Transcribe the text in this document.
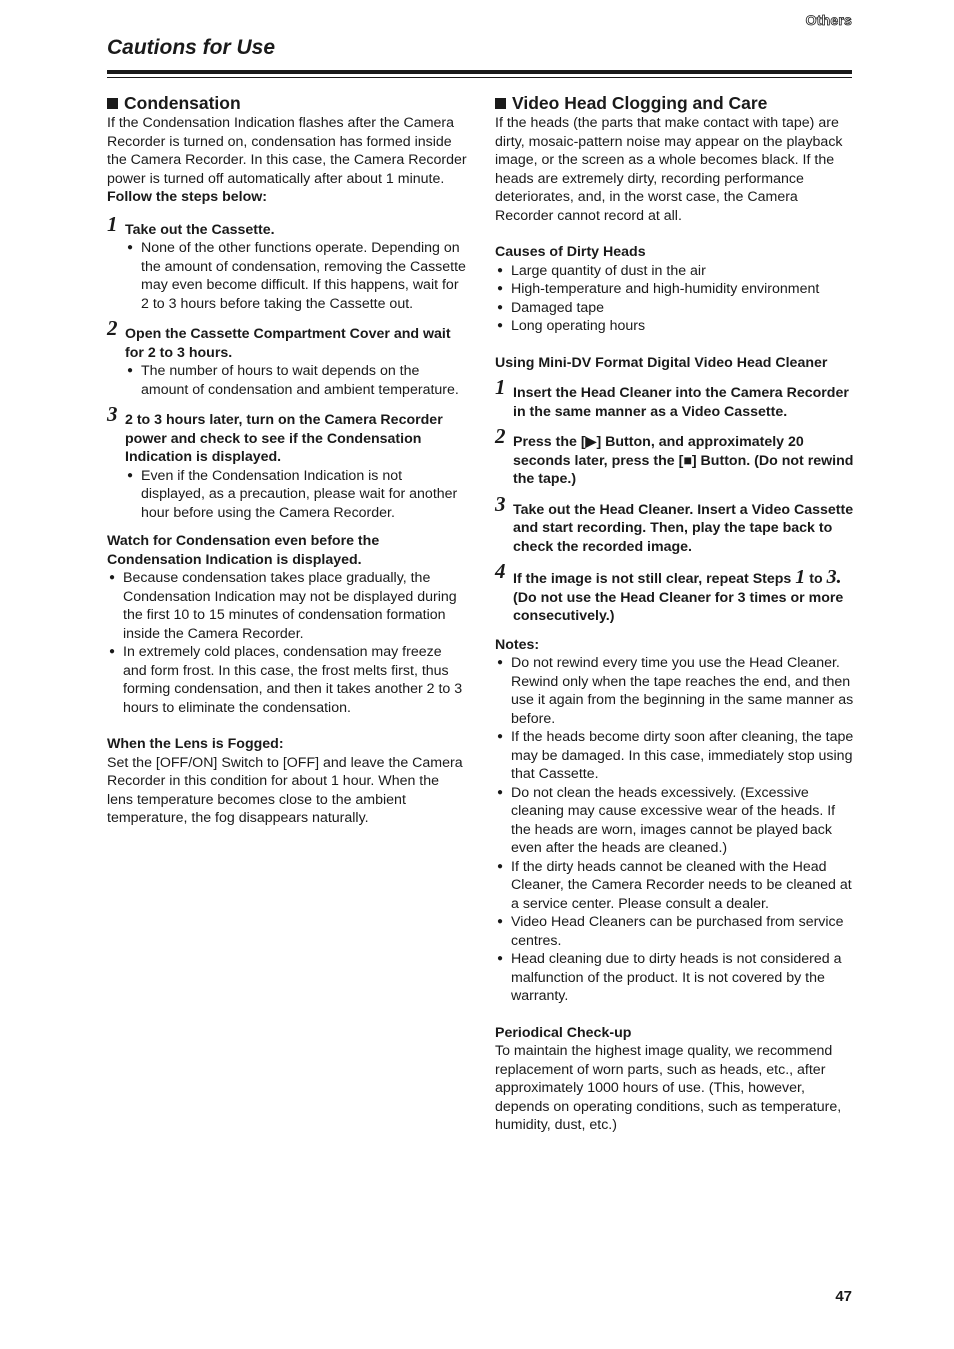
Others
Cautions for Use
Condensation

If the Condensation Indication flashes after the Camera Recorder is turned on, condensation has formed inside the Camera Recorder. In this case, the Camera Recorder power is turned off automatically after about 1 minute.

Follow the steps below:

1 Take out the Cassette.
● None of the other functions operate. Depending on the amount of condensation, removing the Cassette may even become difficult. If this happens, wait for 2 to 3 hours before taking the Cassette out.
2 Open the Cassette Compartment Cover and wait for 2 to 3 hours.
● The number of hours to wait depends on the amount of condensation and ambient temperature.
3 2 to 3 hours later, turn on the Camera Recorder power and check to see if the Condensation Indication is displayed.
● Even if the Condensation Indication is not displayed, as a precaution, please wait for another hour before using the Camera Recorder.

Watch for Condensation even before the Condensation Indication is displayed.

● Because condensation takes place gradually, the Condensation Indication may not be displayed during the first 10 to 15 minutes of condensation formation inside the Camera Recorder.
● In extremely cold places, condensation may freeze and form frost. In this case, the frost melts first, thus forming condensation, and then it takes another 2 to 3 hours to eliminate the condensation.

When the Lens is Fogged:

Set the [OFF/ON] Switch to [OFF] and leave the Camera Recorder in this condition for about 1 hour. When the lens temperature becomes close to the ambient temperature, the fog disappears naturally.

Video Head Clogging and Care

If the heads (the parts that make contact with tape) are dirty, mosaic-pattern noise may appear on the playback image, or the screen as a whole becomes black. If the heads are extremely dirty, recording performance deteriorates, and, in the worst case, the Camera Recorder cannot record at all.

Causes of Dirty Heads

● Large quantity of dust in the air
● High-temperature and high-humidity environment
● Damaged tape
● Long operating hours

Using Mini-DV Format Digital Video Head Cleaner

1 Insert the Head Cleaner into the Camera Recorder in the same manner as a Video Cassette.
2 Press the [▶] Button, and approximately 20 seconds later, press the [■] Button. (Do not rewind the tape.)
3 Take out the Head Cleaner. Insert a Video Cassette and start recording. Then, play the tape back to check the recorded image.
4 If the image is not still clear, repeat Steps 1 to 3. (Do not use the Head Cleaner for 3 times or more consecutively.)

Notes:

● Do not rewind every time you use the Head Cleaner. Rewind only when the tape reaches the end, and then use it again from the beginning in the same manner as before.
● If the heads become dirty soon after cleaning, the tape may be damaged. In this case, immediately stop using that Cassette.
● Do not clean the heads excessively. (Excessive cleaning may cause excessive wear of the heads. If the heads are worn, images cannot be played back even after the heads are cleaned.)
● If the dirty heads cannot be cleaned with the Head Cleaner, the Camera Recorder needs to be cleaned at a service center. Please consult a dealer.
● Video Head Cleaners can be purchased from service centres.
● Head cleaning due to dirty heads is not considered a malfunction of the product. It is not covered by the warranty.

Periodical Check-up

To maintain the highest image quality, we recommend replacement of worn parts, such as heads, etc., after approximately 1000 hours of use. (This, however, depends on operating conditions, such as temperature, humidity, dust, etc.)

47
